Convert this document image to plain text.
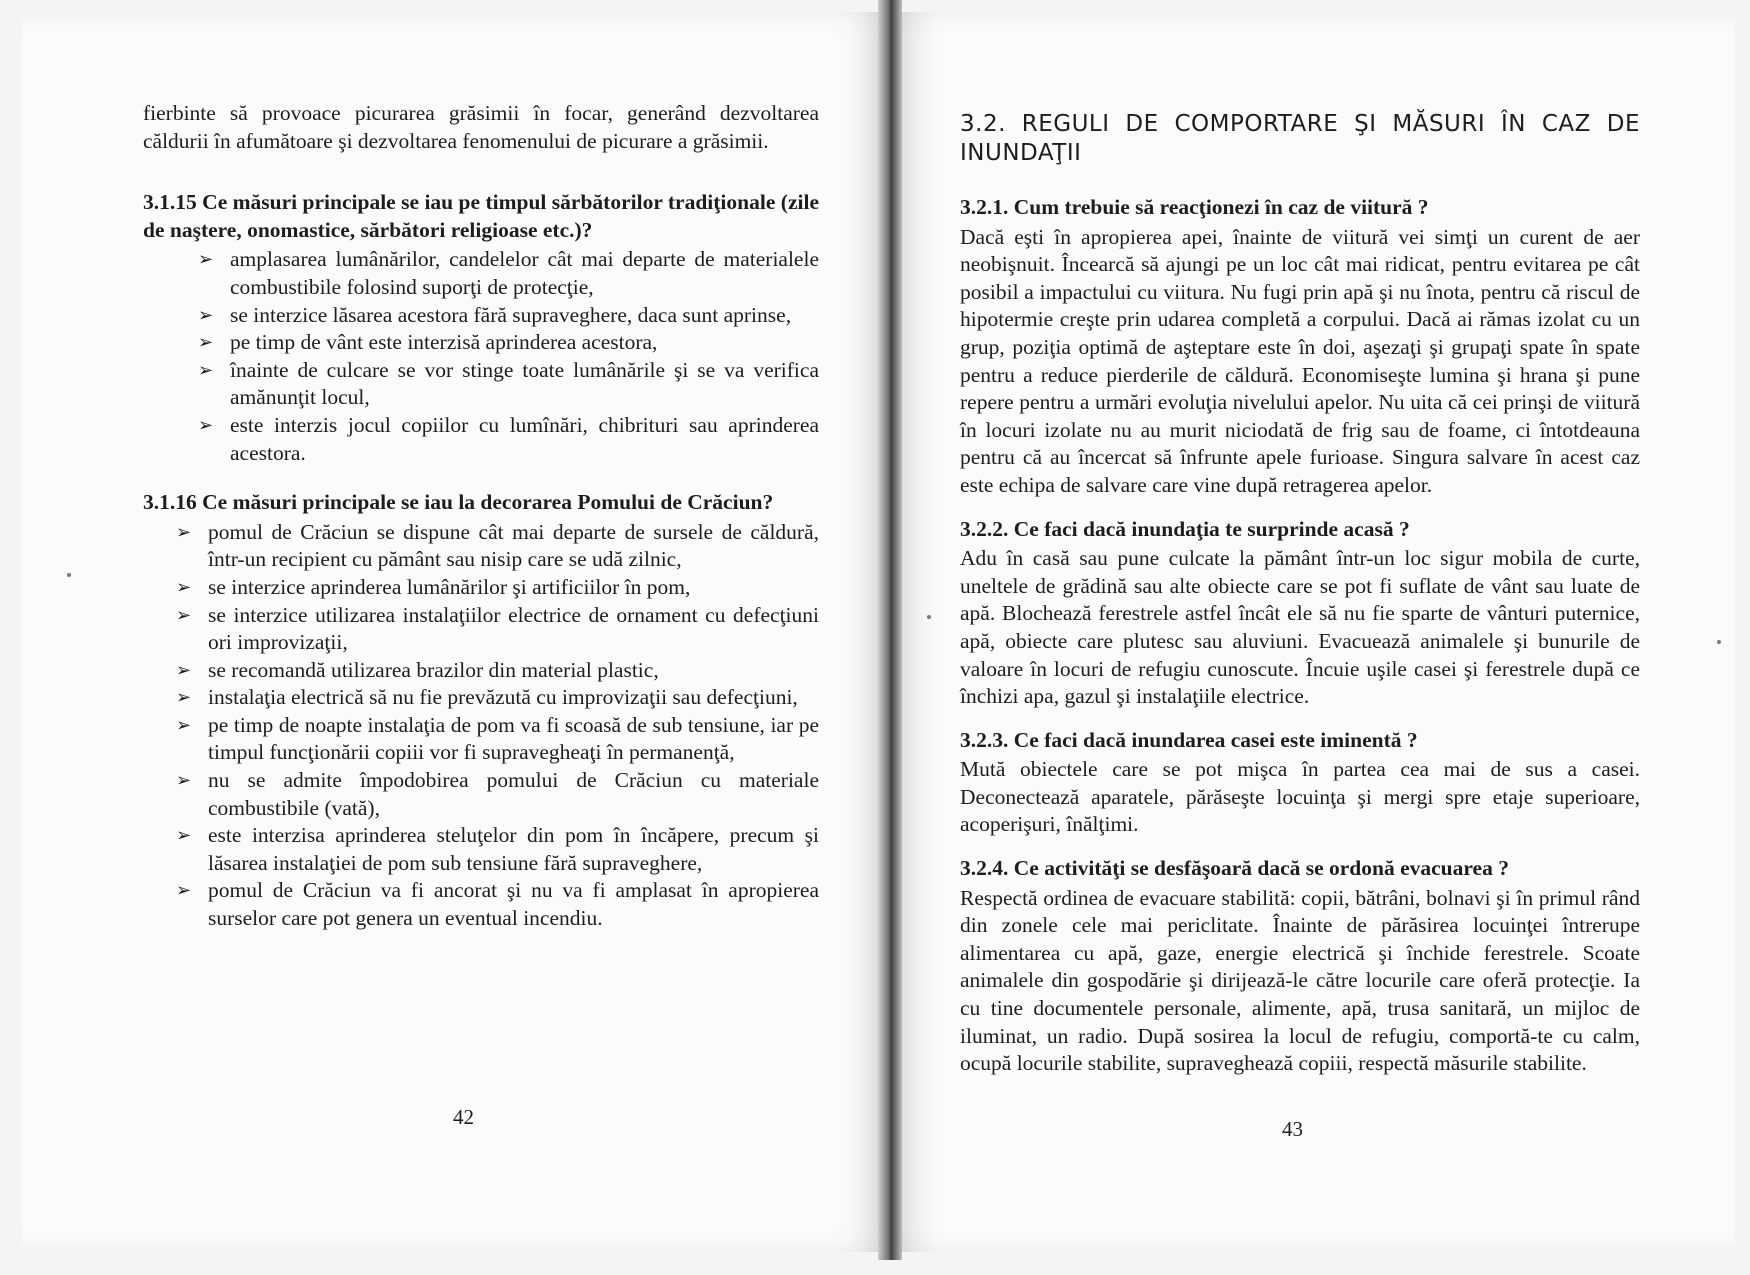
fierbinte să provoace picurarea grăsimii în focar, generând dezvoltarea căldurii în afumătoare şi dezvoltarea fenomenului de picurare a grăsimii.

3.1.15 Ce măsuri principale se iau pe timpul sărbătorilor tradiţionale (zile de naştere, onomastice, sărbători religioase etc.)?

➢ amplasarea lumânărilor, candelelor cât mai departe de materialele combustibile folosind suporţi de protecţie,
➢ se interzice lăsarea acestora fără supraveghere, daca sunt aprinse,
➢ pe timp de vânt este interzisă aprinderea acestora,
➢ înainte de culcare se vor stinge toate lumânările şi se va verifica amănunţit locul,
➢ este interzis jocul copiilor cu lumînări, chibrituri sau aprinderea acestora.

3.1.16 Ce măsuri principale se iau la decorarea Pomului de Crăciun?

➢ pomul de Crăciun se dispune cât mai departe de sursele de căldură, într-un recipient cu pământ sau nisip care se udă zilnic,
➢ se interzice aprinderea lumânărilor şi artificiilor în pom,
➢ se interzice utilizarea instalaţiilor electrice de ornament cu defecţiuni ori improvizaţii,
➢ se recomandă utilizarea brazilor din material plastic,
➢ instalaţia electrică să nu fie prevăzută cu improvizaţii sau defecţiuni,
➢ pe timp de noapte instalaţia de pom va fi scoasă de sub tensiune, iar pe timpul funcţionării copiii vor fi supravegheaţi în permanenţă,
➢ nu se admite împodobirea pomului de Crăciun cu materiale combustibile (vată),
➢ este interzisa aprinderea steluţelor din pom în încăpere, precum şi lăsarea instalaţiei de pom sub tensiune fără supraveghere,
➢ pomul de Crăciun va fi ancorat şi nu va fi amplasat în apropierea surselor care pot genera un eventual incendiu.
42

3.2. REGULI DE COMPORTARE ŞI MĂSURI ÎN CAZ DE INUNDAŢII

3.2.1. Cum trebuie să reacţionezi în caz de viitură ?

Dacă eşti în apropierea apei, înainte de viitură vei simţi un curent de aer neobişnuit. Încearcă să ajungi pe un loc cât mai ridicat, pentru evitarea pe cât posibil a impactului cu viitura. Nu fugi prin apă şi nu înota, pentru că riscul de hipotermie creşte prin udarea completă a corpului. Dacă ai rămas izolat cu un grup, poziţia optimă de aşteptare este în doi, aşezaţi şi grupaţi spate în spate pentru a reduce pierderile de căldură. Economiseşte lumina şi hrana şi pune repere pentru a urmări evoluţia nivelului apelor. Nu uita că cei prinşi de viitură în locuri izolate nu au murit niciodată de frig sau de foame, ci întotdeauna pentru că au încercat să înfrunte apele furioase. Singura salvare în acest caz este echipa de salvare care vine după retragerea apelor.

3.2.2. Ce faci dacă inundaţia te surprinde acasă ?

Adu în casă sau pune culcate la pământ într-un loc sigur mobila de curte, uneltele de grădină sau alte obiecte care se pot fi suflate de vânt sau luate de apă. Blochează ferestrele astfel încât ele să nu fie sparte de vânturi puternice, apă, obiecte care plutesc sau aluviuni. Evacuează animalele şi bunurile de valoare în locuri de refugiu cunoscute. Încuie uşile casei şi ferestrele după ce închizi apa, gazul şi instalaţiile electrice.

3.2.3. Ce faci dacă inundarea casei este iminentă ?

Mută obiectele care se pot mişca în partea cea mai de sus a casei. Deconectează aparatele, părăseşte locuinţa şi mergi spre etaje superioare, acoperişuri, înălţimi.

3.2.4. Ce activităţi se desfăşoară dacă se ordonă evacuarea ?

Respectă ordinea de evacuare stabilită: copii, bătrâni, bolnavi şi în primul rând din zonele cele mai periclitate. Înainte de părăsirea locuinţei întrerupe alimentarea cu apă, gaze, energie electrică şi închide ferestrele. Scoate animalele din gospodărie şi dirijează-le către locurile care oferă protecţie. Ia cu tine documentele personale, alimente, apă, trusa sanitară, un mijloc de iluminat, un radio. După sosirea la locul de refugiu, comportă-te cu calm, ocupă locurile stabilite, supraveghează copiii, respectă măsurile stabilite.

43
